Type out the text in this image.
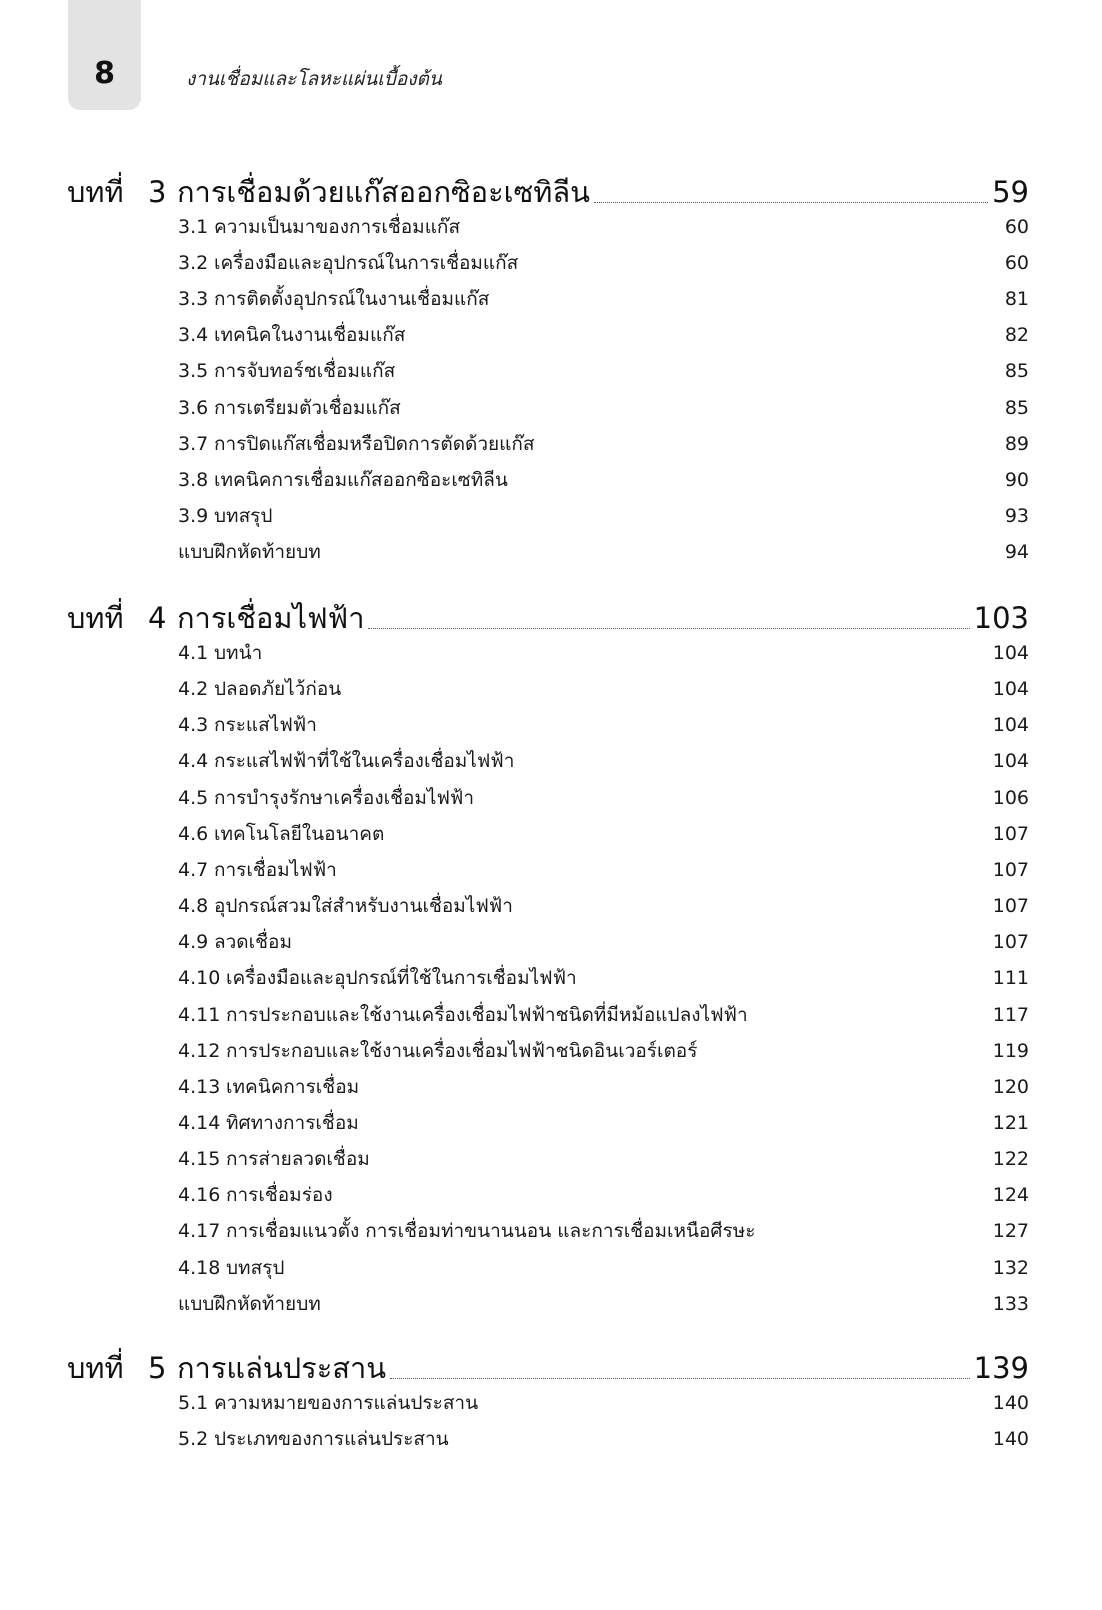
8	งานเชื่อมและโลหะแผ่นเบื้องต้น
บทที่ 3 การเชื่อมด้วยแก๊สออกซิอะเซทิลีน	59
3.1 ความเป็นมาของการเชื่อมแก๊ส	60
3.2 เครื่องมือและอุปกรณ์ในการเชื่อมแก๊ส	60
3.3 การติดตั้งอุปกรณ์ในงานเชื่อมแก๊ส	81
3.4 เทคนิคในงานเชื่อมแก๊ส	82
3.5 การจับทอร์ชเชื่อมแก๊ส	85
3.6 การเตรียมตัวเชื่อมแก๊ส	85
3.7 การปิดแก๊สเชื่อมหรือปิดการตัดด้วยแก๊ส	89
3.8 เทคนิคการเชื่อมแก๊สออกซิอะเซทิลีน	90
3.9 บทสรุป	93
แบบฝึกหัดท้ายบท	94
บทที่ 4 การเชื่อมไฟฟ้า	103
4.1 บทนำ	104
4.2 ปลอดภัยไว้ก่อน	104
4.3 กระแสไฟฟ้า	104
4.4 กระแสไฟฟ้าที่ใช้ในเครื่องเชื่อมไฟฟ้า	104
4.5 การบำรุงรักษาเครื่องเชื่อมไฟฟ้า	106
4.6 เทคโนโลยีในอนาคต	107
4.7 การเชื่อมไฟฟ้า	107
4.8 อุปกรณ์สวมใส่สำหรับงานเชื่อมไฟฟ้า	107
4.9 ลวดเชื่อม	107
4.10 เครื่องมือและอุปกรณ์ที่ใช้ในการเชื่อมไฟฟ้า	111
4.11 การประกอบและใช้งานเครื่องเชื่อมไฟฟ้าชนิดที่มีหม้อแปลงไฟฟ้า	117
4.12 การประกอบและใช้งานเครื่องเชื่อมไฟฟ้าชนิดอินเวอร์เตอร์	119
4.13 เทคนิคการเชื่อม	120
4.14 ทิศทางการเชื่อม	121
4.15 การส่ายลวดเชื่อม	122
4.16 การเชื่อมร่อง	124
4.17 การเชื่อมแนวตั้ง การเชื่อมท่าขนานนอน และการเชื่อมเหนือศีรษะ	127
4.18 บทสรุป	132
แบบฝึกหัดท้ายบท	133
บทที่ 5 การแล่นประสาน	139
5.1 ความหมายของการแล่นประสาน	140
5.2 ประเภทของการแล่นประสาน	140
